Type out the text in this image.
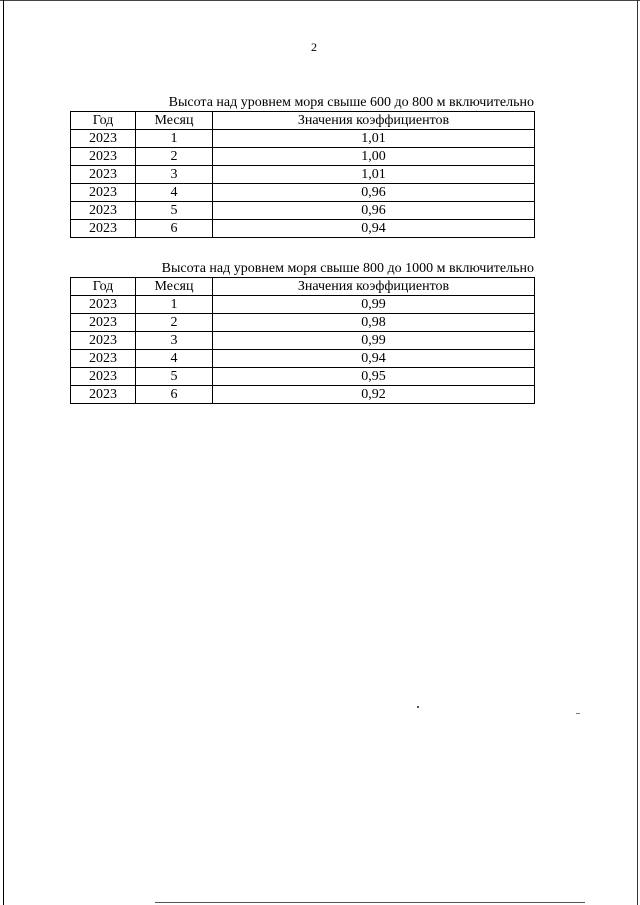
2
Высота над уровнем моря свыше 600 до 800 м включительно
Год	Месяц	Значения коэффициентов
2023	1	1,01
2023	2	1,00
2023	3	1,01
2023	4	0,96
2023	5	0,96
2023	6	0,94
Высота над уровнем моря свыше 800 до 1000 м включительно
Год	Месяц	Значения коэффициентов
2023	1	0,99
2023	2	0,98
2023	3	0,99
2023	4	0,94
2023	5	0,95
2023	6	0,92
